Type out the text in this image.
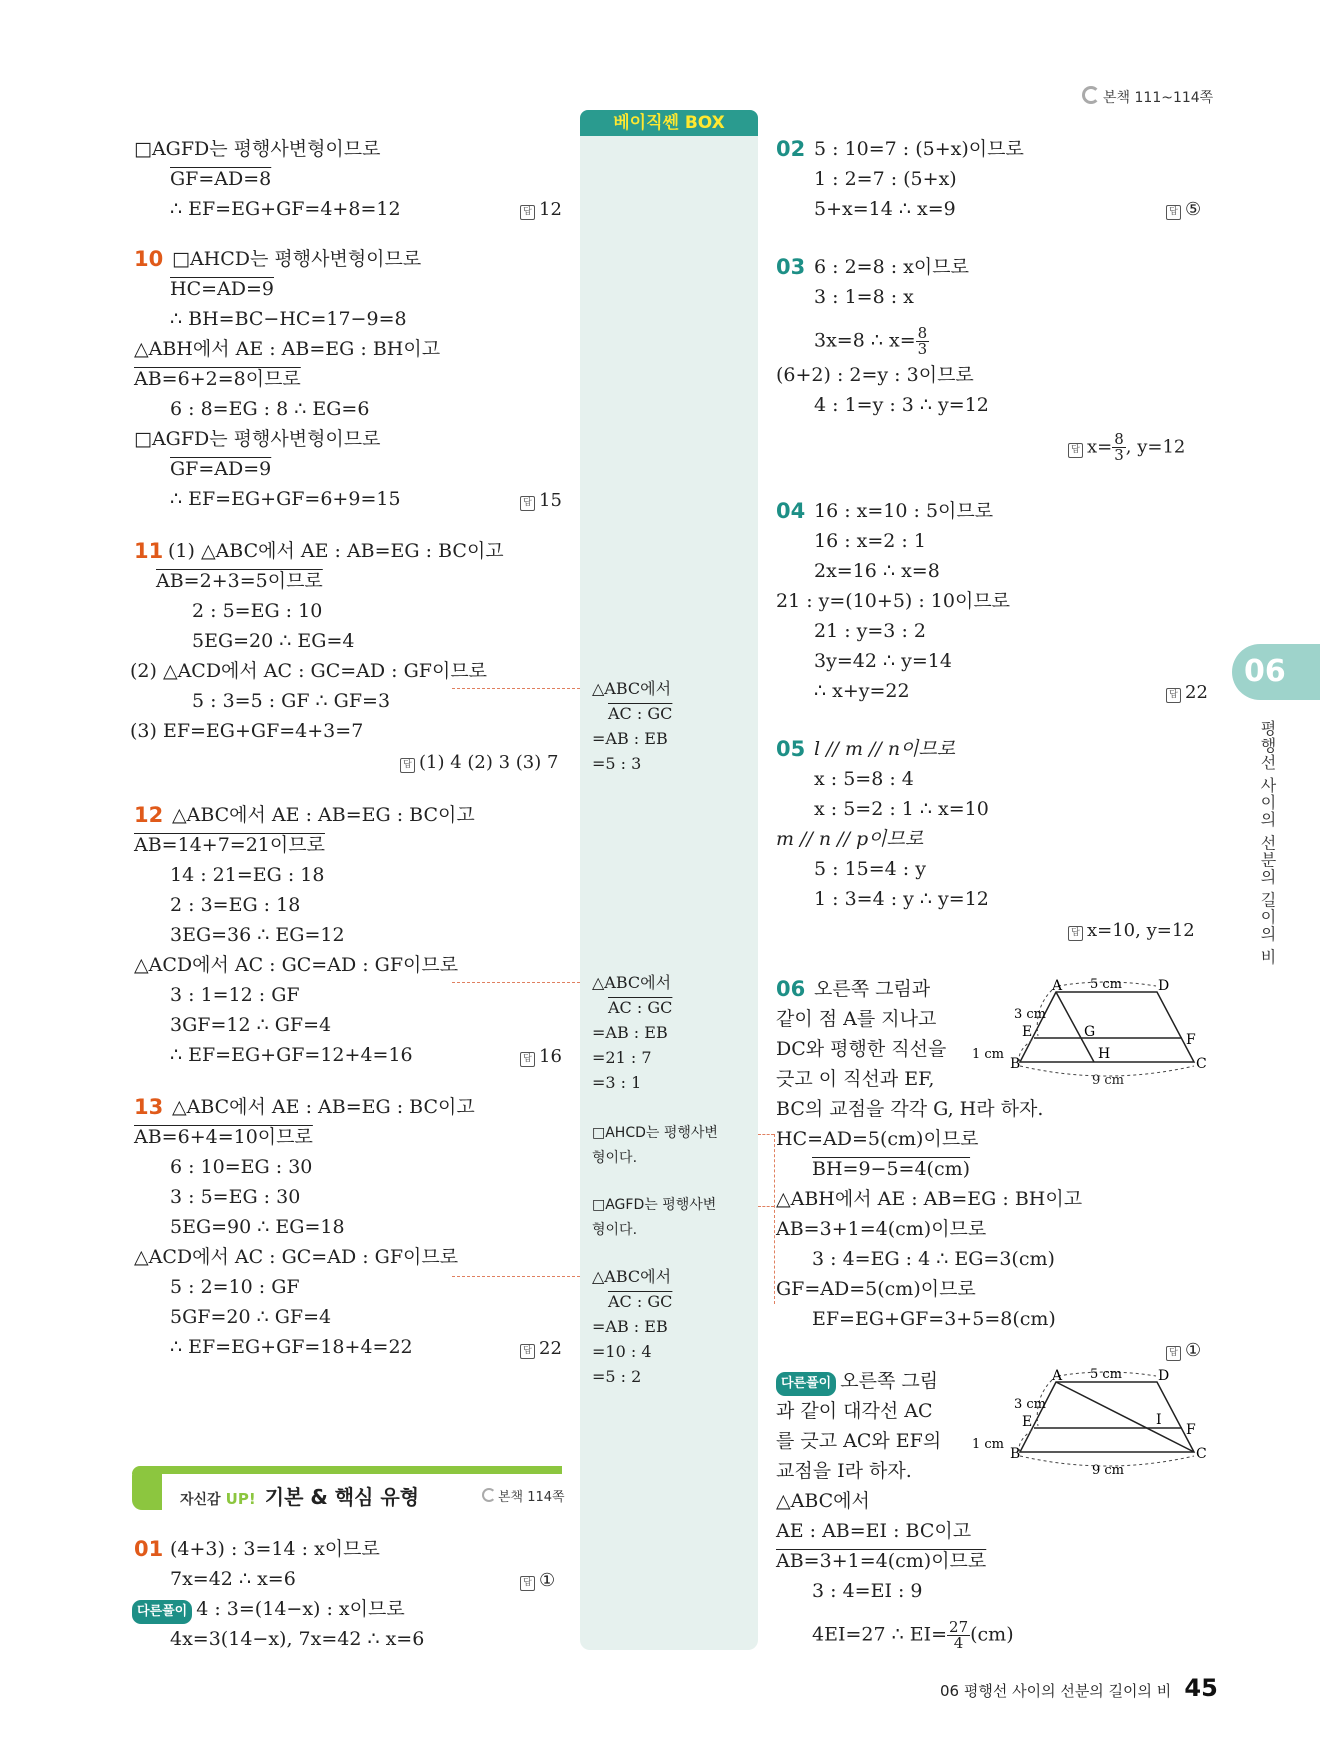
본책 111~114쪽
베이직쎈 BOX
06
평행선 사이의 선분의 길이의 비
□AGFD는 평행사변형이므로
GF=AD=8
∴ EF=EG+GF=4+8=12	답 12
10 □AHCD는 평행사변형이므로
HC=AD=9
∴ BH=BC−HC=17−9=8
△ABH에서 AE : AB=EG : BH이고
AB=6+2=8이므로
6 : 8=EG : 8 ∴ EG=6
□AGFD는 평행사변형이므로
GF=AD=9
∴ EF=EG+GF=6+9=15	답 15
11 (1) △ABC에서 AE : AB=EG : BC이고
AB=2+3=5이므로
2 : 5=EG : 10
5EG=20 ∴ EG=4
(2) △ACD에서 AC : GC=AD : GF이므로
5 : 3=5 : GF ∴ GF=3
(3) EF=EG+GF=4+3=7
답 (1) 4 (2) 3 (3) 7
12 △ABC에서 AE : AB=EG : BC이고
AB=14+7=21이므로
14 : 21=EG : 18
2 : 3=EG : 18
3EG=36 ∴ EG=12
△ACD에서 AC : GC=AD : GF이므로
3 : 1=12 : GF
3GF=12 ∴ GF=4
∴ EF=EG+GF=12+4=16	답 16
13 △ABC에서 AE : AB=EG : BC이고
AB=6+4=10이므로
6 : 10=EG : 30
3 : 5=EG : 30
5EG=90 ∴ EG=18
△ACD에서 AC : GC=AD : GF이므로
5 : 2=10 : GF
5GF=20 ∴ GF=4
∴ EF=EG+GF=18+4=22	답 22
자신감 UP! 기본 & 핵심 유형	본책 114쪽
01 (4+3) : 3=14 : x이므로
7x=42 ∴ x=6	답 ①
다른풀이 4 : 3=(14−x) : x이므로
4x=3(14−x), 7x=42 ∴ x=6
△ABC에서
AC : GC
=AB : EB
=5 : 3
△ABC에서
AC : GC
=AB : EB
=21 : 7
=3 : 1
□AHCD는 평행사변
형이다.
□AGFD는 평행사변
형이다.
△ABC에서
AC : GC
=AB : EB
=10 : 4
=5 : 2
02 5 : 10=7 : (5+x)이므로
1 : 2=7 : (5+x)
5+x=14 ∴ x=9	답 ⑤
03 6 : 2=8 : x이므로
3 : 1=8 : x
3x=8 ∴ $x= \frac{8}{3}$
(6+2) : 2=y : 3이므로
4 : 1=y : 3 ∴ y=12
답 $x= \frac{8}{3}$ , y=12
04 16 : x=10 : 5이므로
16 : x=2 : 1
2x=16 ∴ x=8
21 : y=(10+5) : 10이므로
21 : y=3 : 2
3y=42 ∴ y=14
∴ x+y=22	답 22
05 l // m // n이므로
x : 5=8 : 4
x : 5=2 : 1 ∴ x=10
m // n // p이므로
5 : 15=4 : y
1 : 3=4 : y ∴ y=12
답 x=10, y=12
06 오른쪽 그림과
같이 점 A를 지나고
DC와 평행한 직선을
긋고 이 직선과 EF,
BC의 교점을 각각 G, H라 하자.
HC=AD=5(cm)이므로
BH=9−5=4(cm)
△ABH에서 AE : AB=EG : BH이고
AB=3+1=4(cm)이므로
3 : 4=EG : 4 ∴ EG=3(cm)
GF=AD=5(cm)이므로
EF=EG+GF=3+5=8(cm)
답 ①
다른풀이 오른쪽 그림
과 같이 대각선 AC
를 긋고 AC와 EF의
교점을 I라 하자.
△ABC에서
AE : AB=EI : BC이고
AB=3+1=4(cm)이므로
3 : 4=EI : 9
4EI=27 ∴ $EI= \frac{27}{4} (cm)$
A	D
E	F
G
H
B	C
5 cm
3 cm
1 cm
9 cm
A	D
E	F
I
B	C
5 cm
3 cm
1 cm
9 cm
06 평행선 사이의 선분의 길이의 비 45
